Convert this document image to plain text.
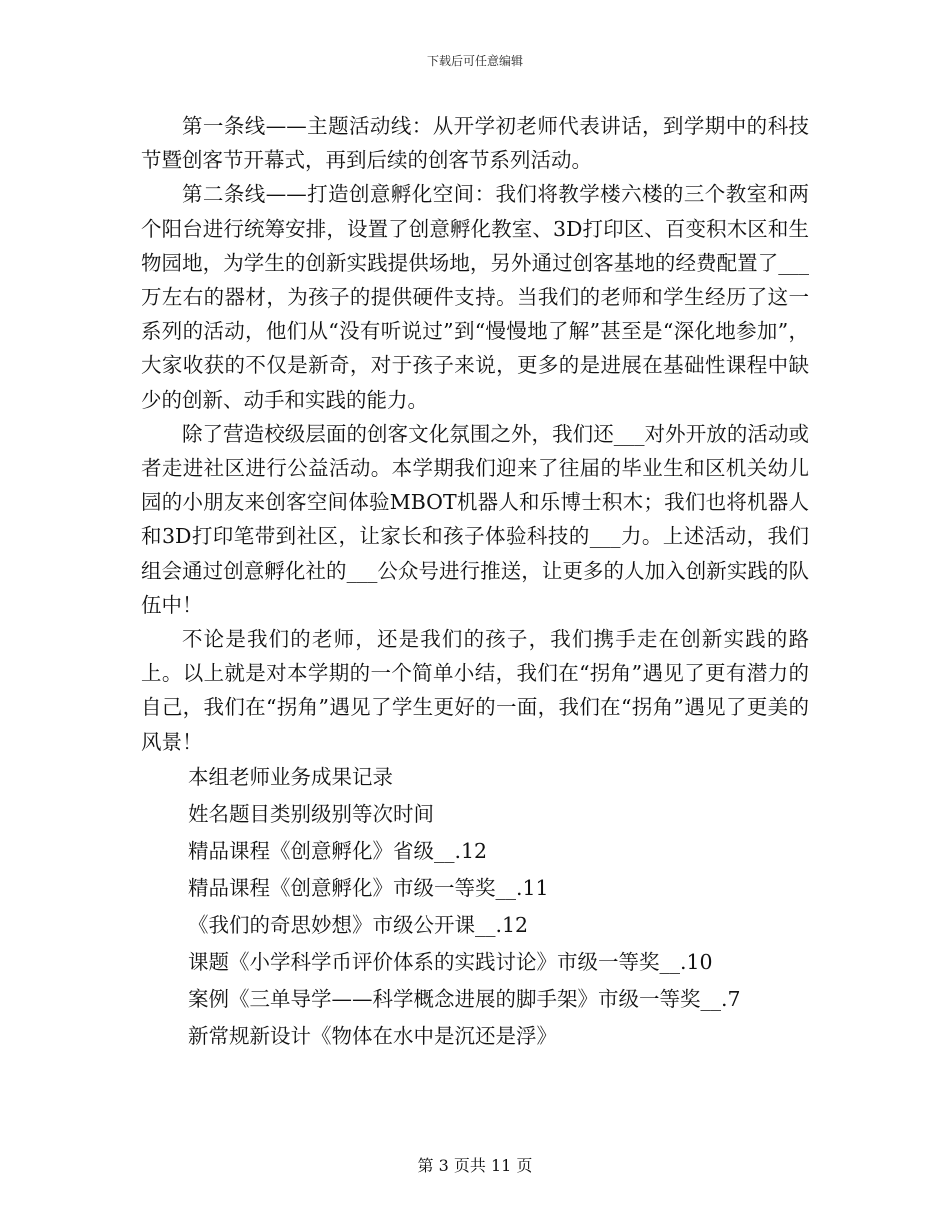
下载后可任意编辑

第一条线——主题活动线：从开学初老师代表讲话，到学期中的科技节暨创客节开幕式，再到后续的创客节系列活动。

第二条线——打造创意孵化空间：我们将教学楼六楼的三个教室和两个阳台进行统筹安排，设置了创意孵化教室、3D打印区、百变积木区和生物园地，为学生的创新实践提供场地，另外通过创客基地的经费配置了___万左右的器材，为孩子的提供硬件支持。当我们的老师和学生经历了这一系列的活动，他们从“没有听说过”到“慢慢地了解”甚至是“深化地参加”，大家收获的不仅是新奇，对于孩子来说，更多的是进展在基础性课程中缺少的创新、动手和实践的能力。

除了营造校级层面的创客文化氛围之外，我们还___对外开放的活动或者走进社区进行公益活动。本学期我们迎来了往届的毕业生和区机关幼儿园的小朋友来创客空间体验MBOT机器人和乐博士积木；我们也将机器人和3D打印笔带到社区，让家长和孩子体验科技的___力。上述活动，我们组会通过创意孵化社的___公众号进行推送，让更多的人加入创新实践的队伍中！

不论是我们的老师，还是我们的孩子，我们携手走在创新实践的路上。以上就是对本学期的一个简单小结，我们在“拐角”遇见了更有潜力的自己，我们在“拐角”遇见了学生更好的一面，我们在“拐角”遇见了更美的风景！

本组老师业务成果记录

姓名题目类别级别等次时间

精品课程《创意孵化》省级__.12

精品课程《创意孵化》市级一等奖__.11

《我们的奇思妙想》市级公开课__.12

课题《小学科学币评价体系的实践讨论》市级一等奖__.10

案例《三单导学——科学概念进展的脚手架》市级一等奖__.7

新常规新设计《物体在水中是沉还是浮》

第 3 页共 11 页
